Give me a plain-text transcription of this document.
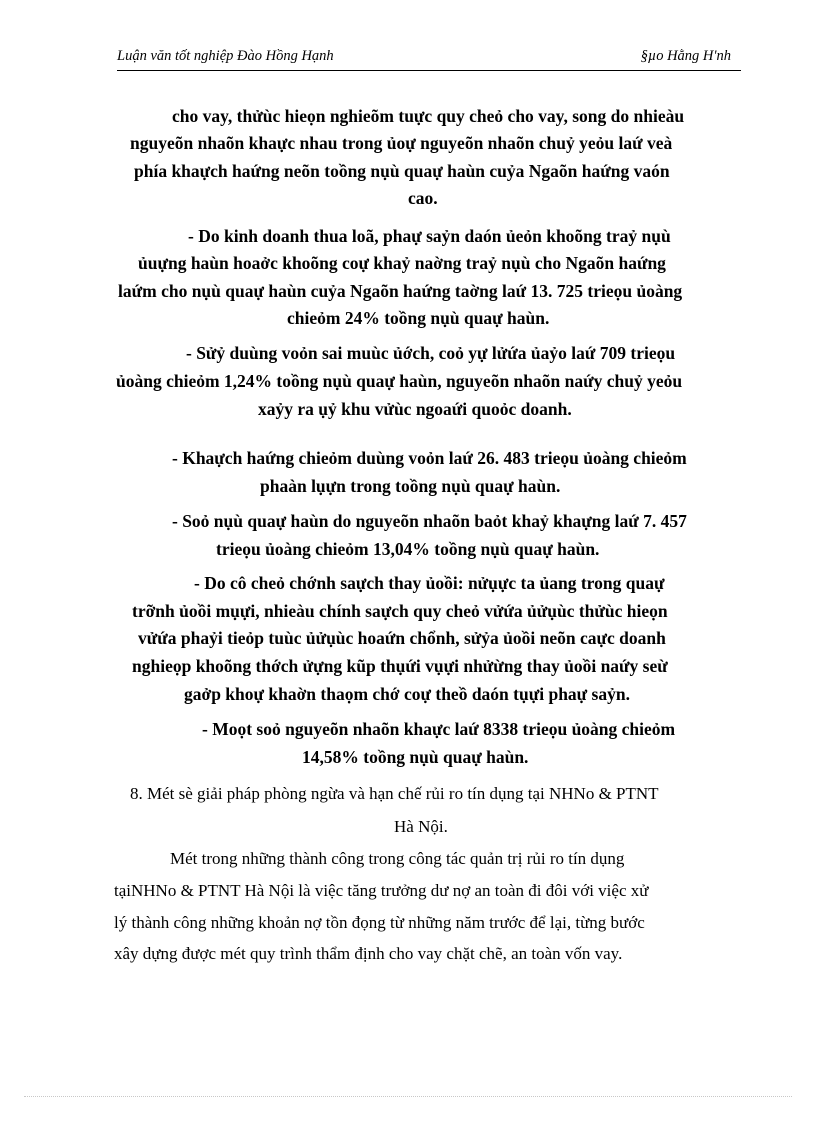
Luận văn tốt nghiệp Đào Hồng Hạnh	§µo Hằng H'nh
cho vay, thửùc hieọn nghieõm tuực quy cheỏ cho vay, song do nhieàu
nguyeõn nhaõn khaực nhau trong ủoự nguyeõn nhaõn chuỷ yeỏu laứ veà
phía khaựch haứng neõn toồng nụù quaự haùn cuỷa Ngaõn haứng vaón
cao.
- Do kinh doanh thua loã, phaự saỷn daón ủeỏn khoõng traỷ nụù
ủuựng haùn hoaởc khoõng coự khaỷ naờng traỷ nụù cho Ngaõn haứng
laứm cho nụù quaự haùn cuỷa Ngaõn haứng taờng laứ 13. 725 trieọu ủoàng
chieỏm 24% toồng nụù quaự haùn.
- Sửỷ duùng voỏn sai muùc ủớch, coỏ yự lửứa ủaỷo laứ 709 trieọu
ủoàng chieỏm 1,24% toồng nụù quaự haùn, nguyeõn nhaõn naứy chuỷ yeỏu
xaỷy ra ụỷ khu vửùc ngoaứi quoỏc doanh.
- Khaựch haứng chieỏm duùng voỏn laứ 26. 483 trieọu ủoàng chieỏm
phaàn lụựn trong toồng nụù quaự haùn.
- Soỏ nụù quaự haùn do nguyeõn nhaõn baỏt khaỷ khaựng laứ 7. 457
trieọu ủoàng chieỏm 13,04% toồng nụù quaự haùn.
- Do cô cheỏ chớnh saựch thay ủoồi: nửụực ta ủang trong quaự
trỡnh ủoồi mụựi, nhieàu chính saựch quy cheỏ vửứa ủửụùc thửùc hieọn
vửứa phaỷi tieỏp tuùc ủửụùc hoaứn chổnh, sửỷa ủoồi neõn caực doanh
nghieọp khoõng thớch ửựng kũp thụứi vụựi nhửừng thay ủoồi naứy seừ
gaởp khoự khaờn thaọm chớ coự theồ daón tụựi phaự saỷn.
- Moọt soỏ nguyeõn nhaõn khaực laứ 8338 trieọu ủoàng chieỏm
14,58% toồng nụù quaự haùn.
8. Mét sè giải pháp phòng ngừa và hạn chế rủi ro tín dụng tại NHNo & PTNT
Hà Nội.
Mét trong những thành công trong công tác quản trị rủi ro tín dụng
tạiNHNo & PTNT Hà Nội là việc tăng trưởng dư nợ an toàn đi đôi với việc xử
lý thành công những khoản nợ tồn đọng từ những năm trước để lại, từng bước
xây dựng được mét quy trình thẩm định cho vay chặt chẽ, an toàn vốn vay.
